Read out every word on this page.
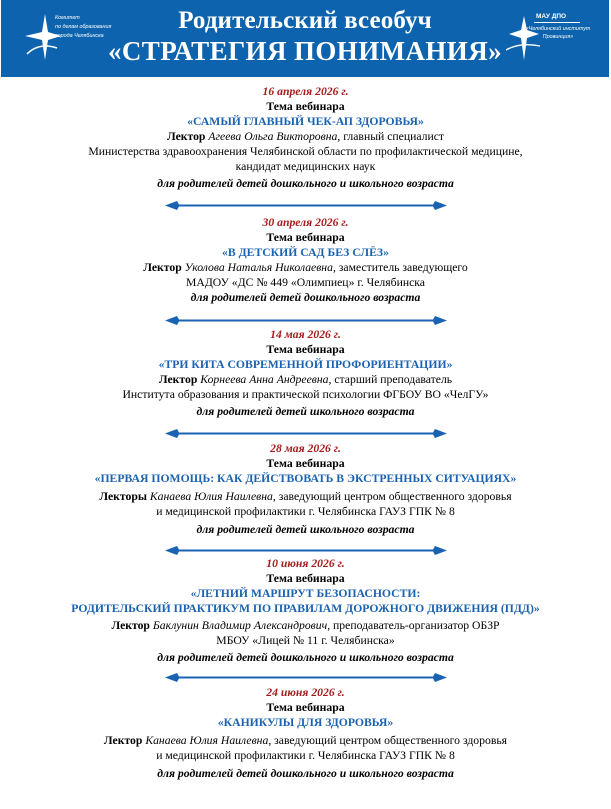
Комитет
по делам образования
города Челябинска
Родительский всеобуч
«СТРАТЕГИЯ ПОНИМАНИЯ»
МАУ ДПО
«Челябинский институт
Провинция»
16 апреля 2026 г.
Тема вебинара
«САМЫЙ ГЛАВНЫЙ ЧЕК-АП ЗДОРОВЬЯ»
Лектор Агеева Ольга Викторовна, главный специалист
Министерства здравоохранения Челябинской области по профилактической медицине,
кандидат медицинских наук
для родителей детей дошкольного и школьного возраста
30 апреля 2026 г.
Тема вебинара
«В ДЕТСКИЙ САД БЕЗ СЛЁЗ»
Лектор Уколова Наталья Николаевна, заместитель заведующего
МАДОУ «ДС № 449 «Олимпиец» г. Челябинска
для родителей детей дошкольного возраста
14 мая 2026 г.
Тема вебинара
«ТРИ КИТА СОВРЕМЕННОЙ ПРОФОРИЕНТАЦИИ»
Лектор Корнеева Анна Андреевна, старший преподаватель
Института образования и практической психологии ФГБОУ ВО «ЧелГУ»
для родителей детей школьного возраста
28 мая 2026 г.
Тема вебинара
«ПЕРВАЯ ПОМОЩЬ: КАК ДЕЙСТВОВАТЬ В ЭКСТРЕННЫХ СИТУАЦИЯХ»
Лекторы Канаева Юлия Наилевна, заведующий центром общественного здоровья
и медицинской профилактики г. Челябинска ГАУЗ ГПК № 8
для родителей детей школьного возраста
10 июня 2026 г.
Тема вебинара
«ЛЕТНИЙ МАРШРУТ БЕЗОПАСНОСТИ:
РОДИТЕЛЬСКИЙ ПРАКТИКУМ ПО ПРАВИЛАМ ДОРОЖНОГО ДВИЖЕНИЯ (ПДД)»
Лектор Баклунин Владимир Александрович, преподаватель-организатор ОБЗР
МБОУ «Лицей № 11 г. Челябинска»
для родителей детей дошкольного и школьного возраста
24 июня 2026 г.
Тема вебинара
«КАНИКУЛЫ ДЛЯ ЗДОРОВЬЯ»
Лектор Канаева Юлия Наилевна, заведующий центром общественного здоровья
и медицинской профилактики г. Челябинска ГАУЗ ГПК № 8
для родителей детей дошкольного и школьного возраста
